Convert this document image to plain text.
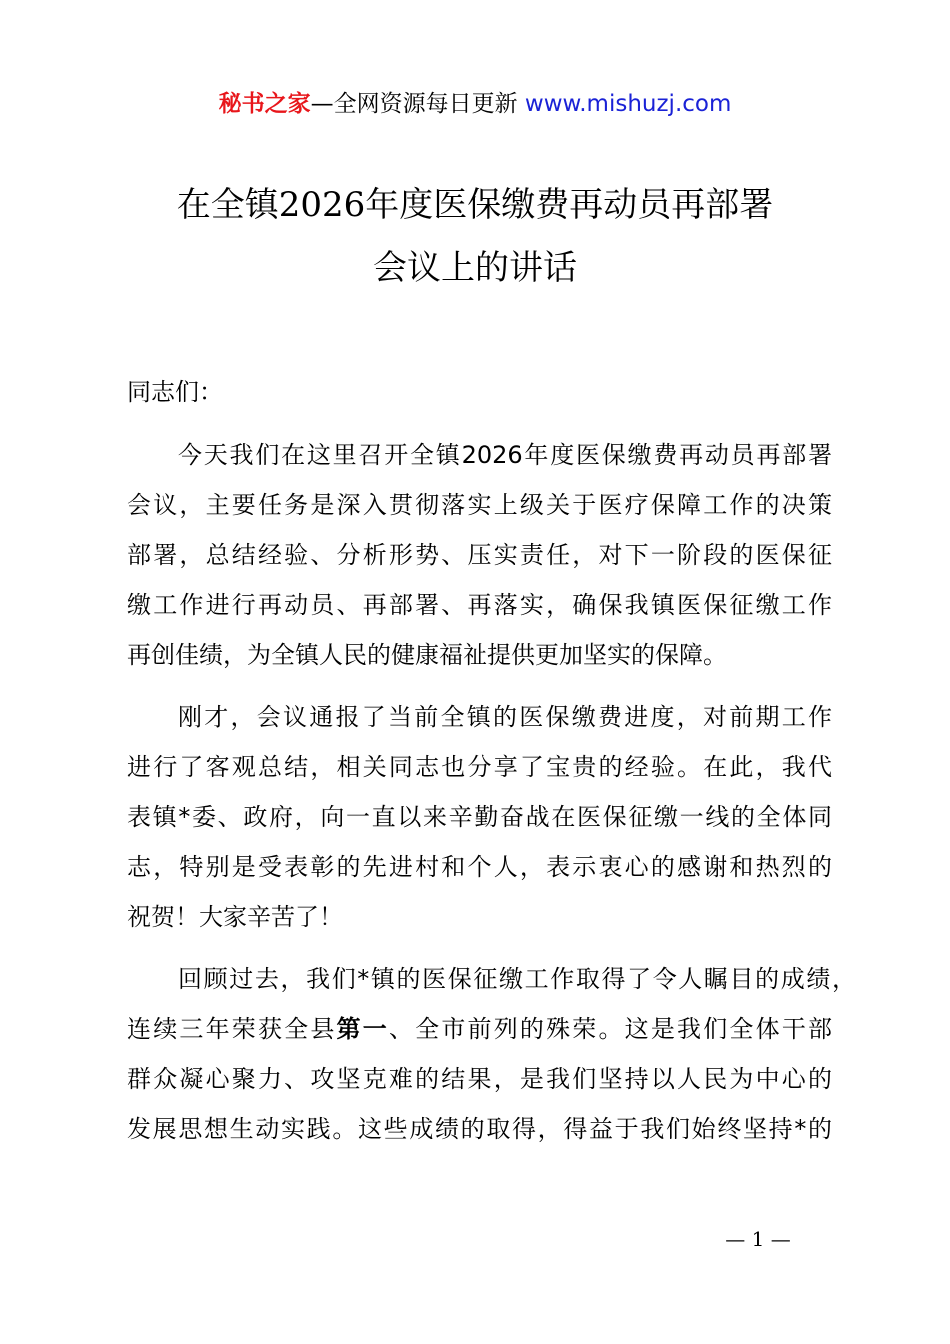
秘书之家—全网资源每日更新 www.mishuzj.com
在全镇2026年度医保缴费再动员再部署
会议上的讲话
同志们：
今天我们在这里召开全镇2026年度医保缴费再动员再部署
会议，主要任务是深入贯彻落实上级关于医疗保障工作的决策
部署，总结经验、分析形势、压实责任，对下一阶段的医保征
缴工作进行再动员、再部署、再落实，确保我镇医保征缴工作
再创佳绩，为全镇人民的健康福祉提供更加坚实的保障。
刚才，会议通报了当前全镇的医保缴费进度，对前期工作
进行了客观总结，相关同志也分享了宝贵的经验。在此，我代
表镇*委、政府，向一直以来辛勤奋战在医保征缴一线的全体同
志，特别是受表彰的先进村和个人，表示衷心的感谢和热烈的
祝贺！大家辛苦了！
回顾过去，我们*镇的医保征缴工作取得了令人瞩目的成绩，
连续三年荣获全县第一、全市前列的殊荣。这是我们全体干部
群众凝心聚力、攻坚克难的结果，是我们坚持以人民为中心的
发展思想生动实践。这些成绩的取得，得益于我们始终坚持*的
— 1 —
